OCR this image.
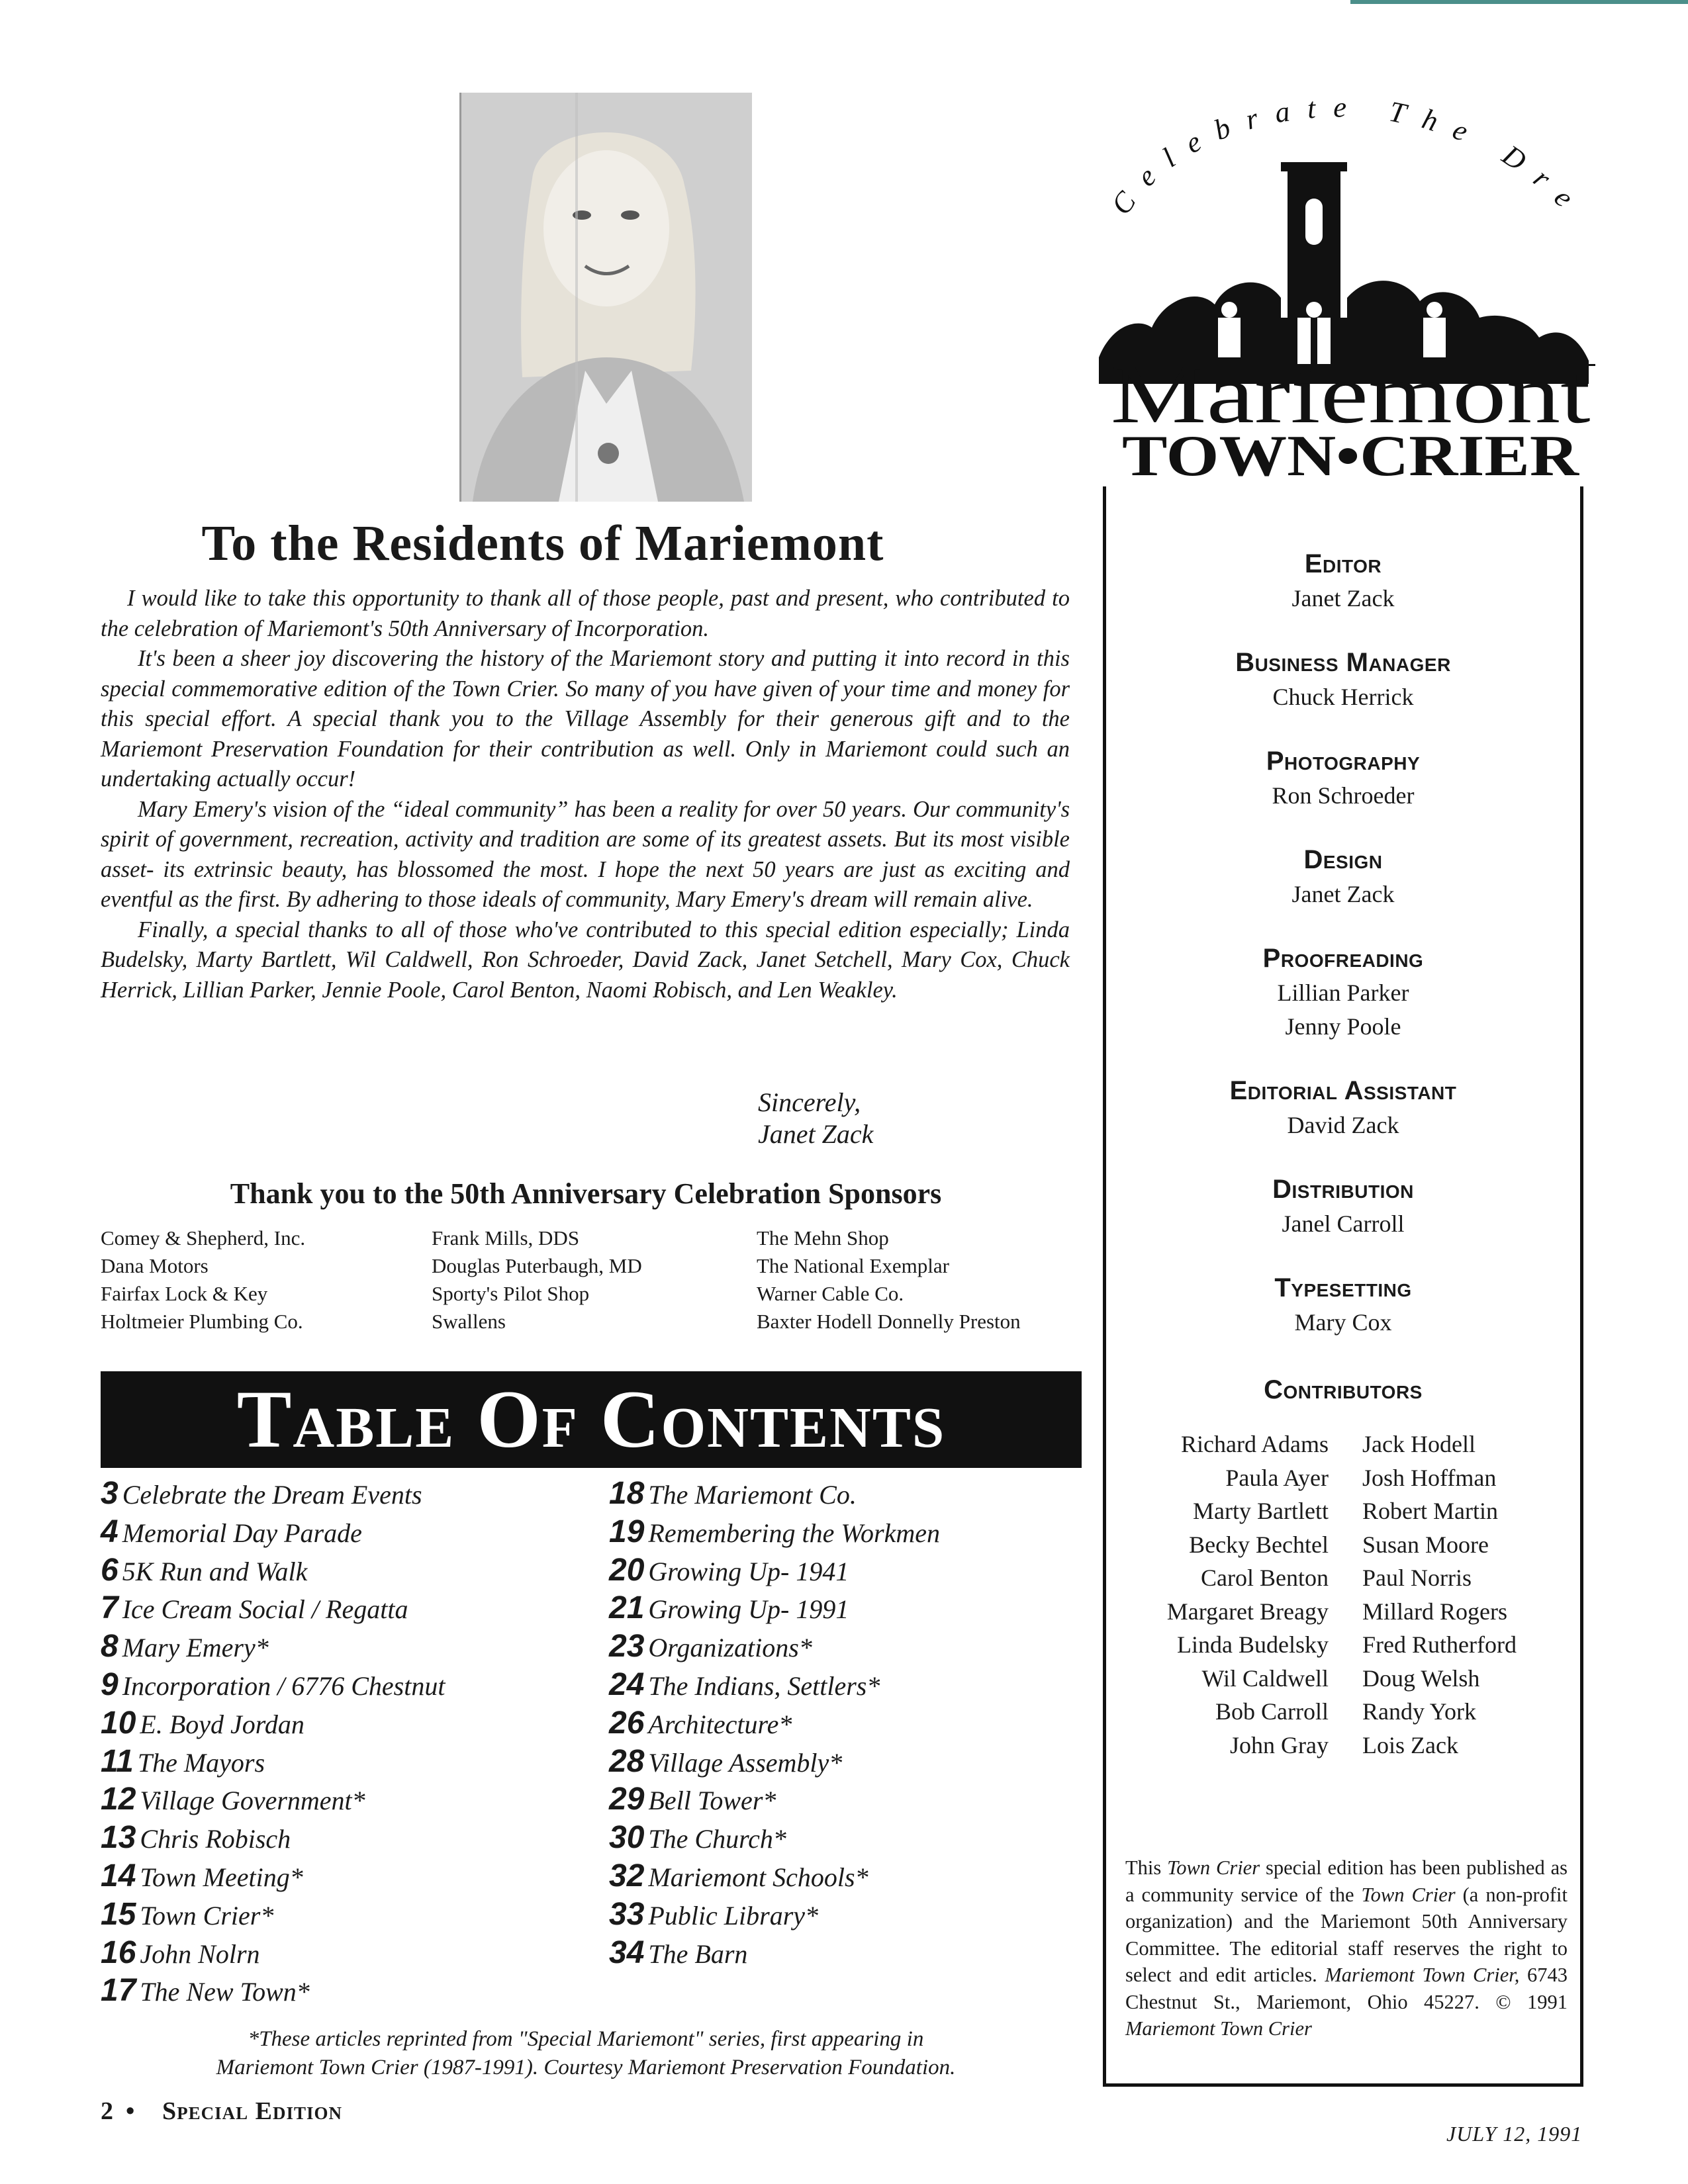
To the Residents of Mariemont

I would like to take this opportunity to thank all of those people, past and present, who contributed to the celebration of Mariemont's 50th Anniversary of Incorporation.

It's been a sheer joy discovering the history of the Mariemont story and putting it into record in this special commemorative edition of the Town Crier. So many of you have given of your time and money for this special effort. A special thank you to the Village Assembly for their generous gift and to the Mariemont Preservation Foundation for their contribution as well. Only in Mariemont could such an undertaking actually occur!

Mary Emery's vision of the “ideal community” has been a reality for over 50 years. Our community's spirit of government, recreation, activity and tradition are some of its greatest assets. But its most visible asset- its extrinsic beauty, has blossomed the most. I hope the next 50 years are just as exciting and eventful as the first. By adhering to those ideals of community, Mary Emery's dream will remain alive.

Finally, a special thanks to all of those who've contributed to this special edition especially; Linda Budelsky, Marty Bartlett, Wil Caldwell, Ron Schroeder, David Zack, Janet Setchell, Mary Cox, Chuck Herrick, Lillian Parker, Jennie Poole, Carol Benton, Naomi Robisch, and Len Weakley.

Sincerely,
Janet Zack
Thank you to the 50th Anniversary Celebration Sponsors
Comey & Shepherd, Inc.
Dana Motors
Fairfax Lock & Key
Holtmeier Plumbing Co.
Frank Mills, DDS
Douglas Puterbaugh, MD
Sporty's Pilot Shop
Swallens
The Mehn Shop
The National Exemplar
Warner Cable Co.
Baxter Hodell Donnelly Preston
Table Of Contents
3 Celebrate the Dream Events
4 Memorial Day Parade
6 5K Run and Walk
7 Ice Cream Social / Regatta
8 Mary Emery*
9 Incorporation / 6776 Chestnut
10 E. Boyd Jordan
11 The Mayors
12 Village Government*
13 Chris Robisch
14 Town Meeting*
15 Town Crier*
16 John Nolrn
17 The New Town*
18 The Mariemont Co.
19 Remembering the Workmen
20 Growing Up- 1941
21 Growing Up- 1991
23 Organizations*
24 The Indians, Settlers*
26 Architecture*
28 Village Assembly*
29 Bell Tower*
30 The Church*
32 Mariemont Schools*
33 Public Library*
34 The Barn
*These articles reprinted from "Special Mariemont" series, first appearing in
Mariemont Town Crier (1987-1991). Courtesy Mariemont Preservation Foundation.
2 • Special Edition
JULY 12, 1991
Celebrate The Dream
Mariemont
TOWN•CRIER
Editor
Janet Zack
Business Manager
Chuck Herrick
Photography
Ron Schroeder
Design
Janet Zack
Proofreading
Lillian Parker
Jenny Poole
Editorial Assistant
David Zack
Distribution
Janel Carroll
Typesetting
Mary Cox
Contributors
Richard Adams
Paula Ayer
Marty Bartlett
Becky Bechtel
Carol Benton
Margaret Breagy
Linda Budelsky
Wil Caldwell
Bob Carroll
John Gray
Jack Hodell
Josh Hoffman
Robert Martin
Susan Moore
Paul Norris
Millard Rogers
Fred Rutherford
Doug Welsh
Randy York
Lois Zack
This Town Crier special edition has been published as a community service of the Town Crier (a non-profit organization) and the Mariemont 50th Anniversary Committee. The editorial staff reserves the right to select and edit articles. Mariemont Town Crier, 6743 Chestnut St., Mariemont, Ohio 45227. © 1991 Mariemont Town Crier
